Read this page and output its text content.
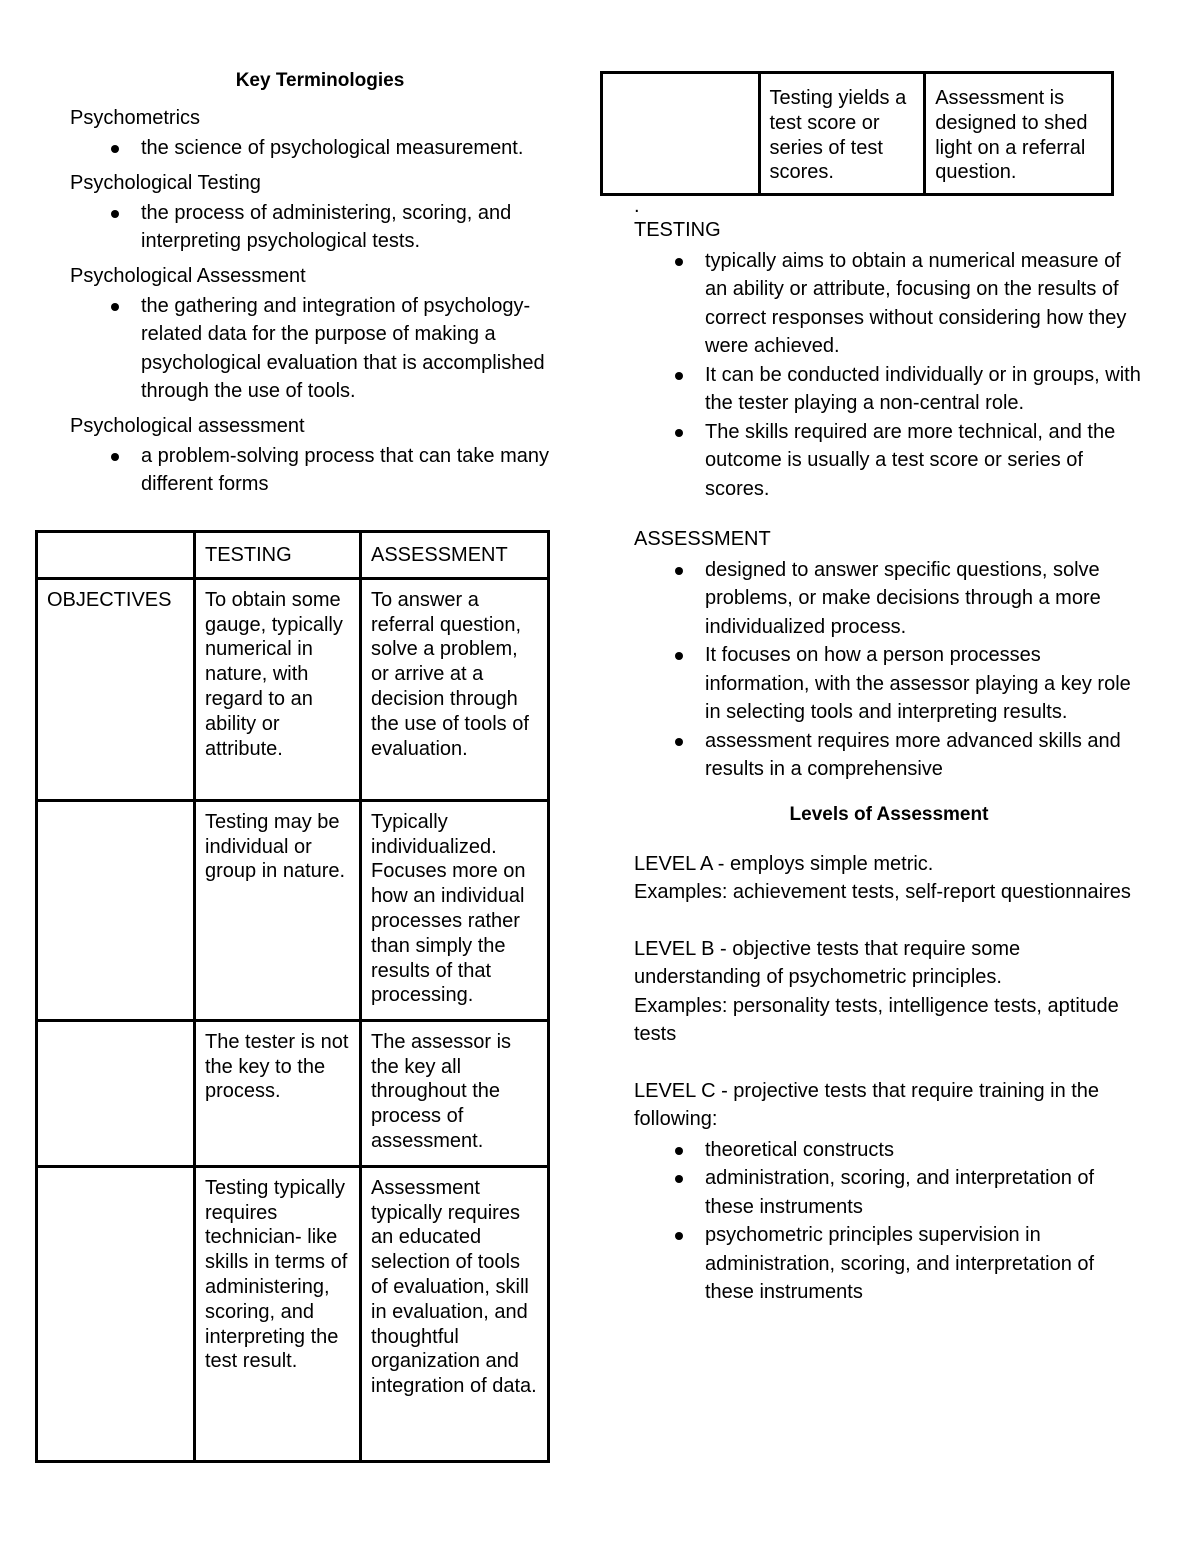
Key Terminologies

Psychometrics

the science of psychological measurement.

Psychological Testing

the process of administering, scoring, and interpreting psychological tests.

Psychological Assessment

the gathering and integration of psychology-related data for the purpose of making a psychological evaluation that is accomplished through the use of tools.

Psychological assessment

a problem-solving process that can take many different forms
	TESTING	ASSESSMENT
OBJECTIVES	To obtain some gauge, typically numerical in nature, with regard to an ability or attribute.	To answer a referral question, solve a problem, or arrive at a decision through the use of tools of evaluation.
	Testing may be individual or group in nature.	Typically individualized. Focuses more on how an individual processes rather than simply the results of that processing.
	The tester is not the key to the process.	The assessor is the key all throughout the process of assessment.
	Testing typically requires technician- like skills in terms of administering, scoring, and interpreting the test result.	Assessment typically requires an educated selection of tools of evaluation, skill in evaluation, and thoughtful organization and integration of data.
	Testing yields a test score or series of test scores.	Assessment is designed to shed light on a referral question.

.

TESTING

typically aims to obtain a numerical measure of an ability or attribute, focusing on the results of correct responses without considering how they were achieved.
It can be conducted individually or in groups, with the tester playing a non-central role.
The skills required are more technical, and the outcome is usually a test score or series of scores.

ASSESSMENT

designed to answer specific questions, solve problems, or make decisions through a more individualized process.
It focuses on how a person processes information, with the assessor playing a key role in selecting tools and interpreting results.
assessment requires more advanced skills and results in a comprehensive

Levels of Assessment

LEVEL A - employs simple metric.

Examples: achievement tests, self-report questionnaires

LEVEL B - objective tests that require some understanding of psychometric principles.

Examples: personality tests, intelligence tests, aptitude tests

LEVEL C - projective tests that require training in the following:

theoretical constructs
administration, scoring, and interpretation of these instruments
psychometric principles supervision in administration, scoring, and interpretation of these instruments
